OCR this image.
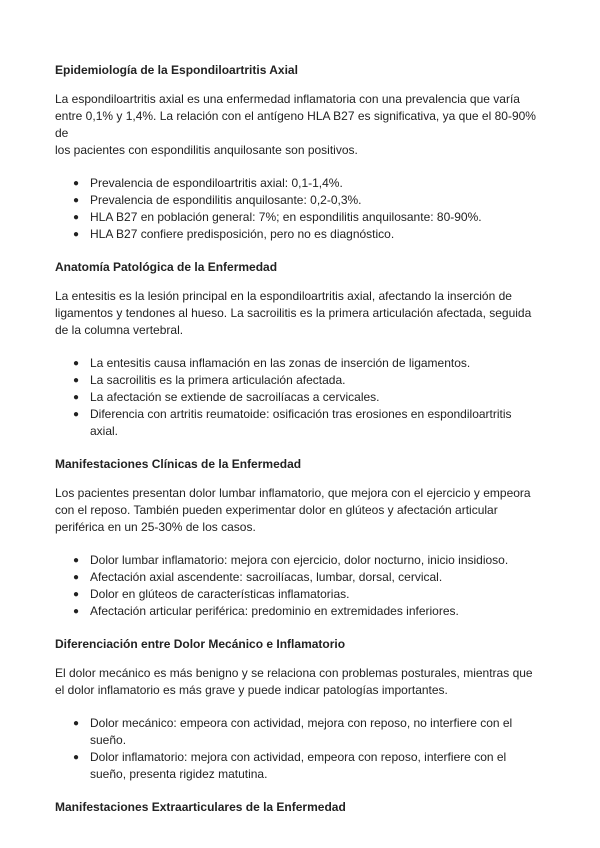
Epidemiología de la Espondiloartritis Axial

La espondiloartritis axial es una enfermedad inflamatoria con una prevalencia que varía
entre 0,1% y 1,4%. La relación con el antígeno HLA B27 es significativa, ya que el 80-90% de
los pacientes con espondilitis anquilosante son positivos.

● Prevalencia de espondiloartritis axial: 0,1-1,4%.
● Prevalencia de espondilitis anquilosante: 0,2-0,3%.
● HLA B27 en población general: 7%; en espondilitis anquilosante: 80-90%.
● HLA B27 confiere predisposición, pero no es diagnóstico.
Anatomía Patológica de la Enfermedad

La entesitis es la lesión principal en la espondiloartritis axial, afectando la inserción de
ligamentos y tendones al hueso. La sacroilitis es la primera articulación afectada, seguida
de la columna vertebral.

● La entesitis causa inflamación en las zonas de inserción de ligamentos.
● La sacroilitis es la primera articulación afectada.
● La afectación se extiende de sacroilíacas a cervicales.
● Diferencia con artritis reumatoide: osificación tras erosiones en espondiloartritis
axial.
Manifestaciones Clínicas de la Enfermedad

Los pacientes presentan dolor lumbar inflamatorio, que mejora con el ejercicio y empeora
con el reposo. También pueden experimentar dolor en glúteos y afectación articular
periférica en un 25-30% de los casos.

● Dolor lumbar inflamatorio: mejora con ejercicio, dolor nocturno, inicio insidioso.
● Afectación axial ascendente: sacroilíacas, lumbar, dorsal, cervical.
● Dolor en glúteos de características inflamatorias.
● Afectación articular periférica: predominio en extremidades inferiores.
Diferenciación entre Dolor Mecánico e Inflamatorio

El dolor mecánico es más benigno y se relaciona con problemas posturales, mientras que
el dolor inflamatorio es más grave y puede indicar patologías importantes.

● Dolor mecánico: empeora con actividad, mejora con reposo, no interfiere con el
sueño.
● Dolor inflamatorio: mejora con actividad, empeora con reposo, interfiere con el
sueño, presenta rigidez matutina.
Manifestaciones Extraarticulares de la Enfermedad
